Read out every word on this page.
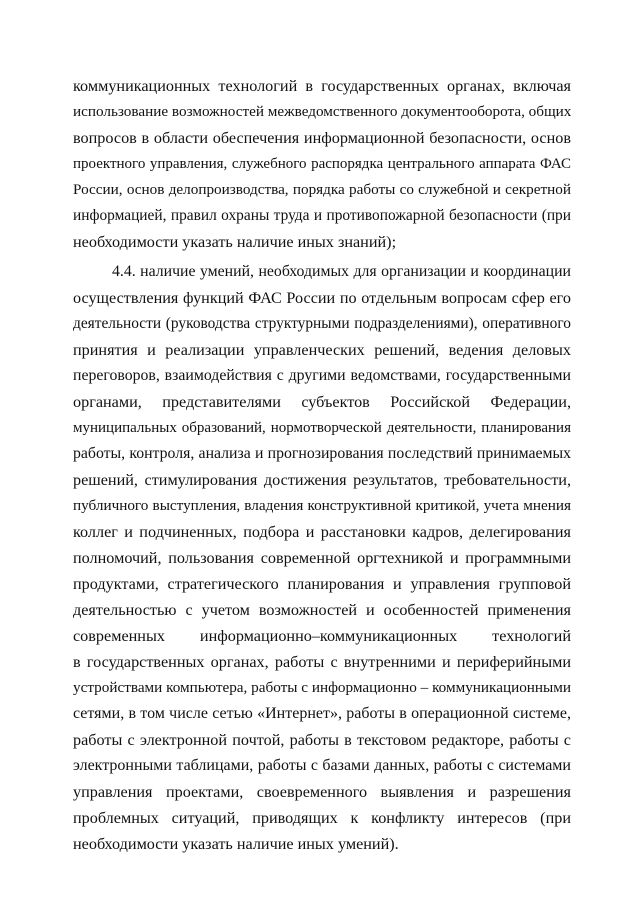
коммуникационных технологий в государственных органах, включая
использование возможностей межведомственного документооборота, общих
вопросов в области обеспечения информационной безопасности, основ
проектного управления, служебного распорядка центрального аппарата ФАС
России, основ делопроизводства, порядка работы со служебной и секретной
информацией, правил охраны труда и противопожарной безопасности (при
необходимости указать наличие иных знаний);
4.4. наличие умений, необходимых для организации и координации
осуществления функций ФАС России по отдельным вопросам сфер его
деятельности (руководства структурными подразделениями), оперативного
принятия и реализации управленческих решений, ведения деловых
переговоров, взаимодействия с другими ведомствами, государственными
органами, представителями субъектов Российской Федерации,
муниципальных образований, нормотворческой деятельности, планирования
работы, контроля, анализа и прогнозирования последствий принимаемых
решений, стимулирования достижения результатов, требовательности,
публичного выступления, владения конструктивной критикой, учета мнения
коллег и подчиненных, подбора и расстановки кадров, делегирования
полномочий, пользования современной оргтехникой и программными
продуктами, стратегического планирования и управления групповой
деятельностью с учетом возможностей и особенностей применения
современных информационно–коммуникационных технологий
в государственных органах, работы с внутренними и периферийными
устройствами компьютера, работы с информационно – коммуникационными
сетями, в том числе сетью «Интернет», работы в операционной системе,
работы с электронной почтой, работы в текстовом редакторе, работы с
электронными таблицами, работы с базами данных, работы с системами
управления проектами, своевременного выявления и разрешения
проблемных ситуаций, приводящих к конфликту интересов (при
необходимости указать наличие иных умений).
